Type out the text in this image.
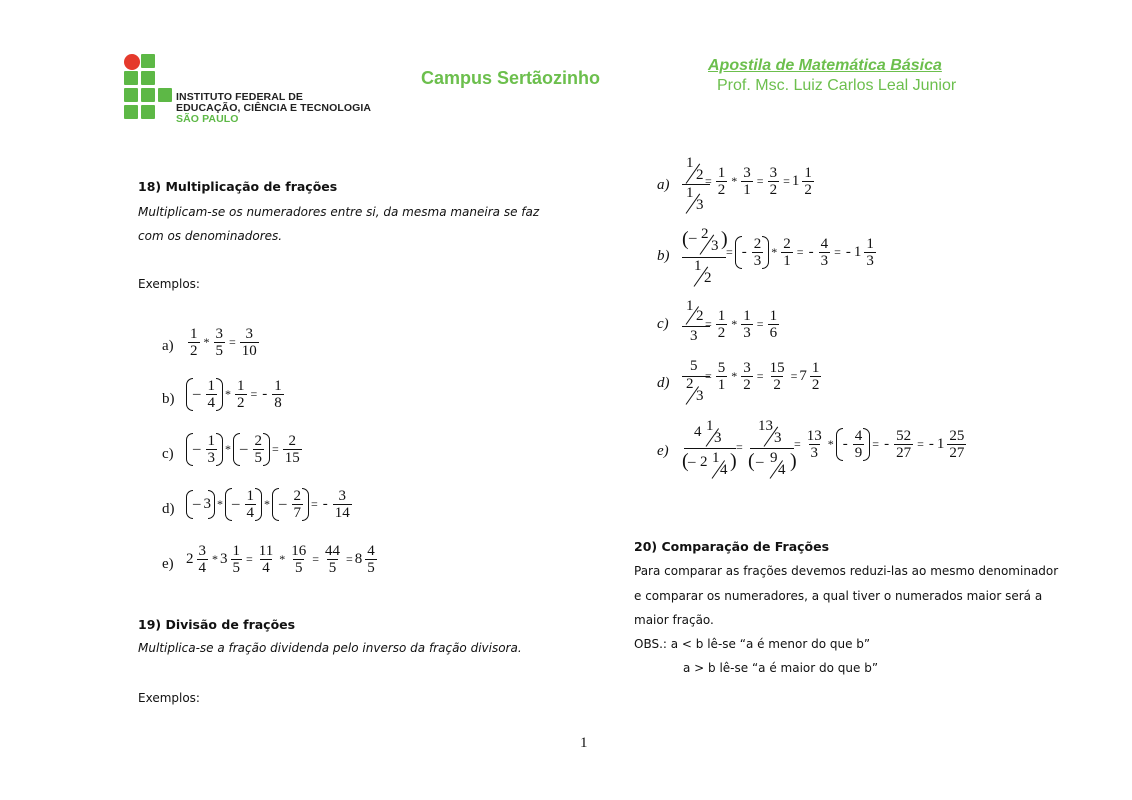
INSTITUTO FEDERAL DE
EDUCAÇÃO, CIÊNCIA E TECNOLOGIA
SÃO PAULO
Campus Sertãozinho
Apostila de Matemática Básica
Prof. Msc. Luiz Carlos Leal Junior
18) Multiplicação de frações
Multiplicam-se os numeradores entre si, da mesma maneira se faz
com os denominadores.
Exemplos:
a)
1
2
* $\frac{3}{5} = \frac{3}{10}$
b) – 1
4
* $\frac{1}{2}$ = - 1
8
c) – 1
3
* – 2
5
= $\frac{2}{15}$
d) – 3 * – 1
4
* – 2
7
= - 3
14
e) 2 3
4
* $3 \frac{1}{5} = \frac{11}{4} * \frac{16}{5} = \frac{44}{5} = 8$ 4
5
19) Divisão de frações
Multiplica-se a fração dividenda pelo inverso da fração divisora.
Exemplos:
a)
1
2
1
3
= $\frac{1}{2} * \frac{3}{1} = \frac{3}{2} = 1$ 1
2
b)
( – 2
3 )
1
2
= - 2
3
* $\frac{2}{1}$ = - $\frac{4}{3}$ = - 1 1
3
c)
1
2
3
= $\frac{1}{2} * \frac{1}{3} = \frac{1}{6}$
d)
5
2
3
= $\frac{5}{1} * \frac{3}{2} = \frac{15}{2} = 7$ 1
2
e)
4 1
3
( – 2 1
4 )
=
13
3
( – 9
4 )
= $\frac{13}{3}$ * - 4
9
= - $\frac{52}{27}$ = - 1 25
27
20) Comparação de Frações
Para comparar as frações devemos reduzi-las ao mesmo denominador
e comparar os numeradores, a qual tiver o numerados maior será a
maior fração.
OBS.: a < b lê-se “a é menor do que b”
a > b lê-se “a é maior do que b”
1
